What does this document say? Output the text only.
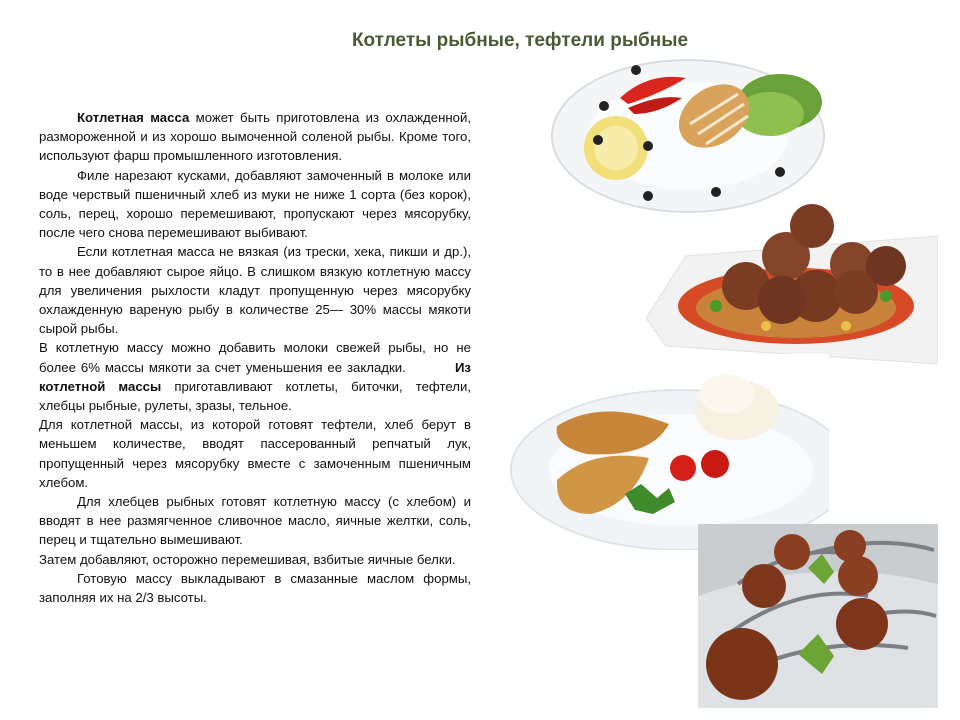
Котлеты рыбные, тефтели рыбные

Котлетная масса может быть приготовлена из охлажденной, размороженной и из хорошо вымоченной соленой рыбы. Кроме того, используют фарш промышленного изготовления.

Филе нарезают кусками, добавляют замоченный в молоке или воде черствый пшеничный хлеб из муки не ниже 1 сорта (без корок), соль, перец, хорошо перемешивают, пропускают через мясорубку, после чего снова перемешивают выбивают.

Если котлетная масса не вязкая (из трески, хека, пикши и др.), то в нее добавляют сырое яйцо. В слишком вязкую котлетную массу для увеличения рыхлости кладут пропущенную через мясорубку охлажденную вареную рыбу в количестве 25— 30% массы мякоти сырой рыбы.

В котлетную массу можно добавить молоки свежей рыбы, но не более 6% массы мякоти за счет уменьшения ее закладки.	Из котлетной массы приготавливают котлеты, биточки, тефтели, хлебцы рыбные, рулеты, зразы, тельное.

Для котлетной массы, из которой готовят тефтели, хлеб берут в меньшем количестве, вводят пассерованный репчатый лук, пропущенный через мясорубку вместе с замоченным пшеничным хлебом.

Для хлебцев рыбных готовят котлетную массу (с хлебом) и вводят в нее размягченное сливочное масло, яичные желтки, соль, перец и тщательно вымешивают.

Затем добавляют, осторожно перемешивая, взбитые яичные белки.

Готовую массу выкладывают в смазанные маслом формы, заполняя их на 2/3 высоты.
